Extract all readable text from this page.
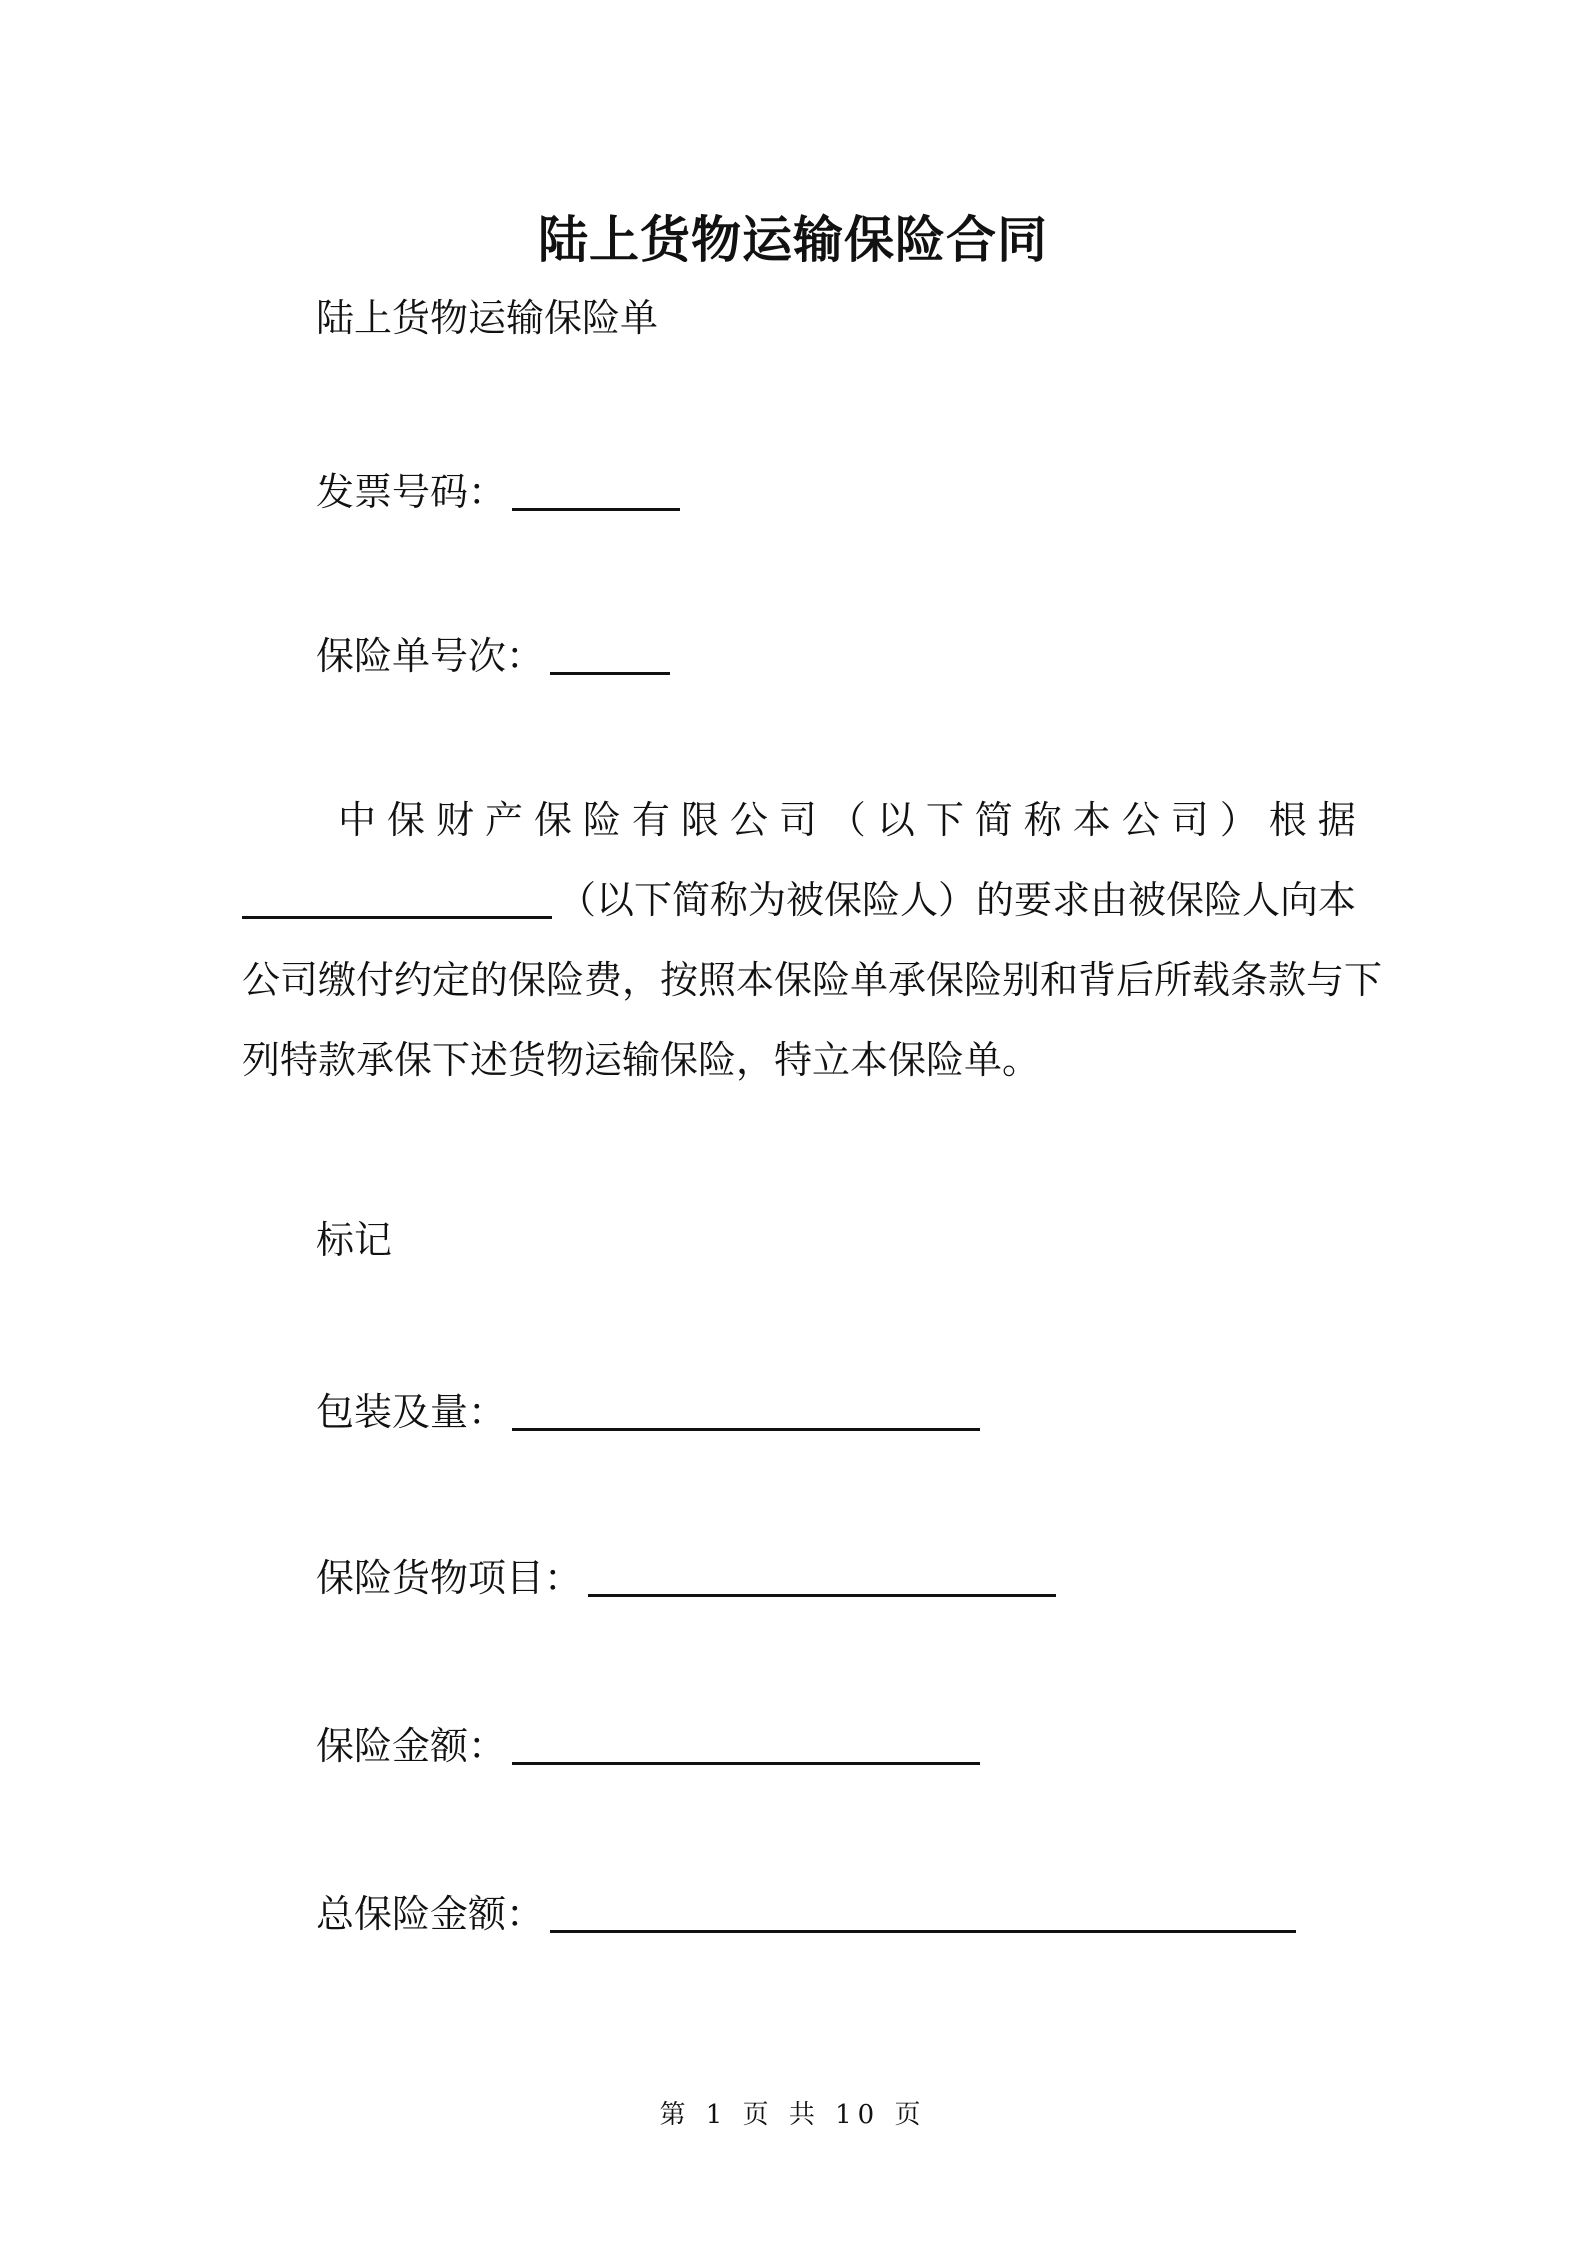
陆上货物运输保险合同
陆上货物运输保险单
发票号码：
保险单号次：
中 保 财 产 保 险 有 限 公 司 （ 以 下 简 称 本 公 司 ） 根 据
（以下简称为被保险人）的要求由被保险人向本
公司缴付约定的保险费，按照本保险单承保险别和背后所载条款与下
列特款承保下述货物运输保险，特立本保险单。
标记
包装及量：
保险货物项目：
保险金额：
总保险金额：
第 1 页 共 10 页
